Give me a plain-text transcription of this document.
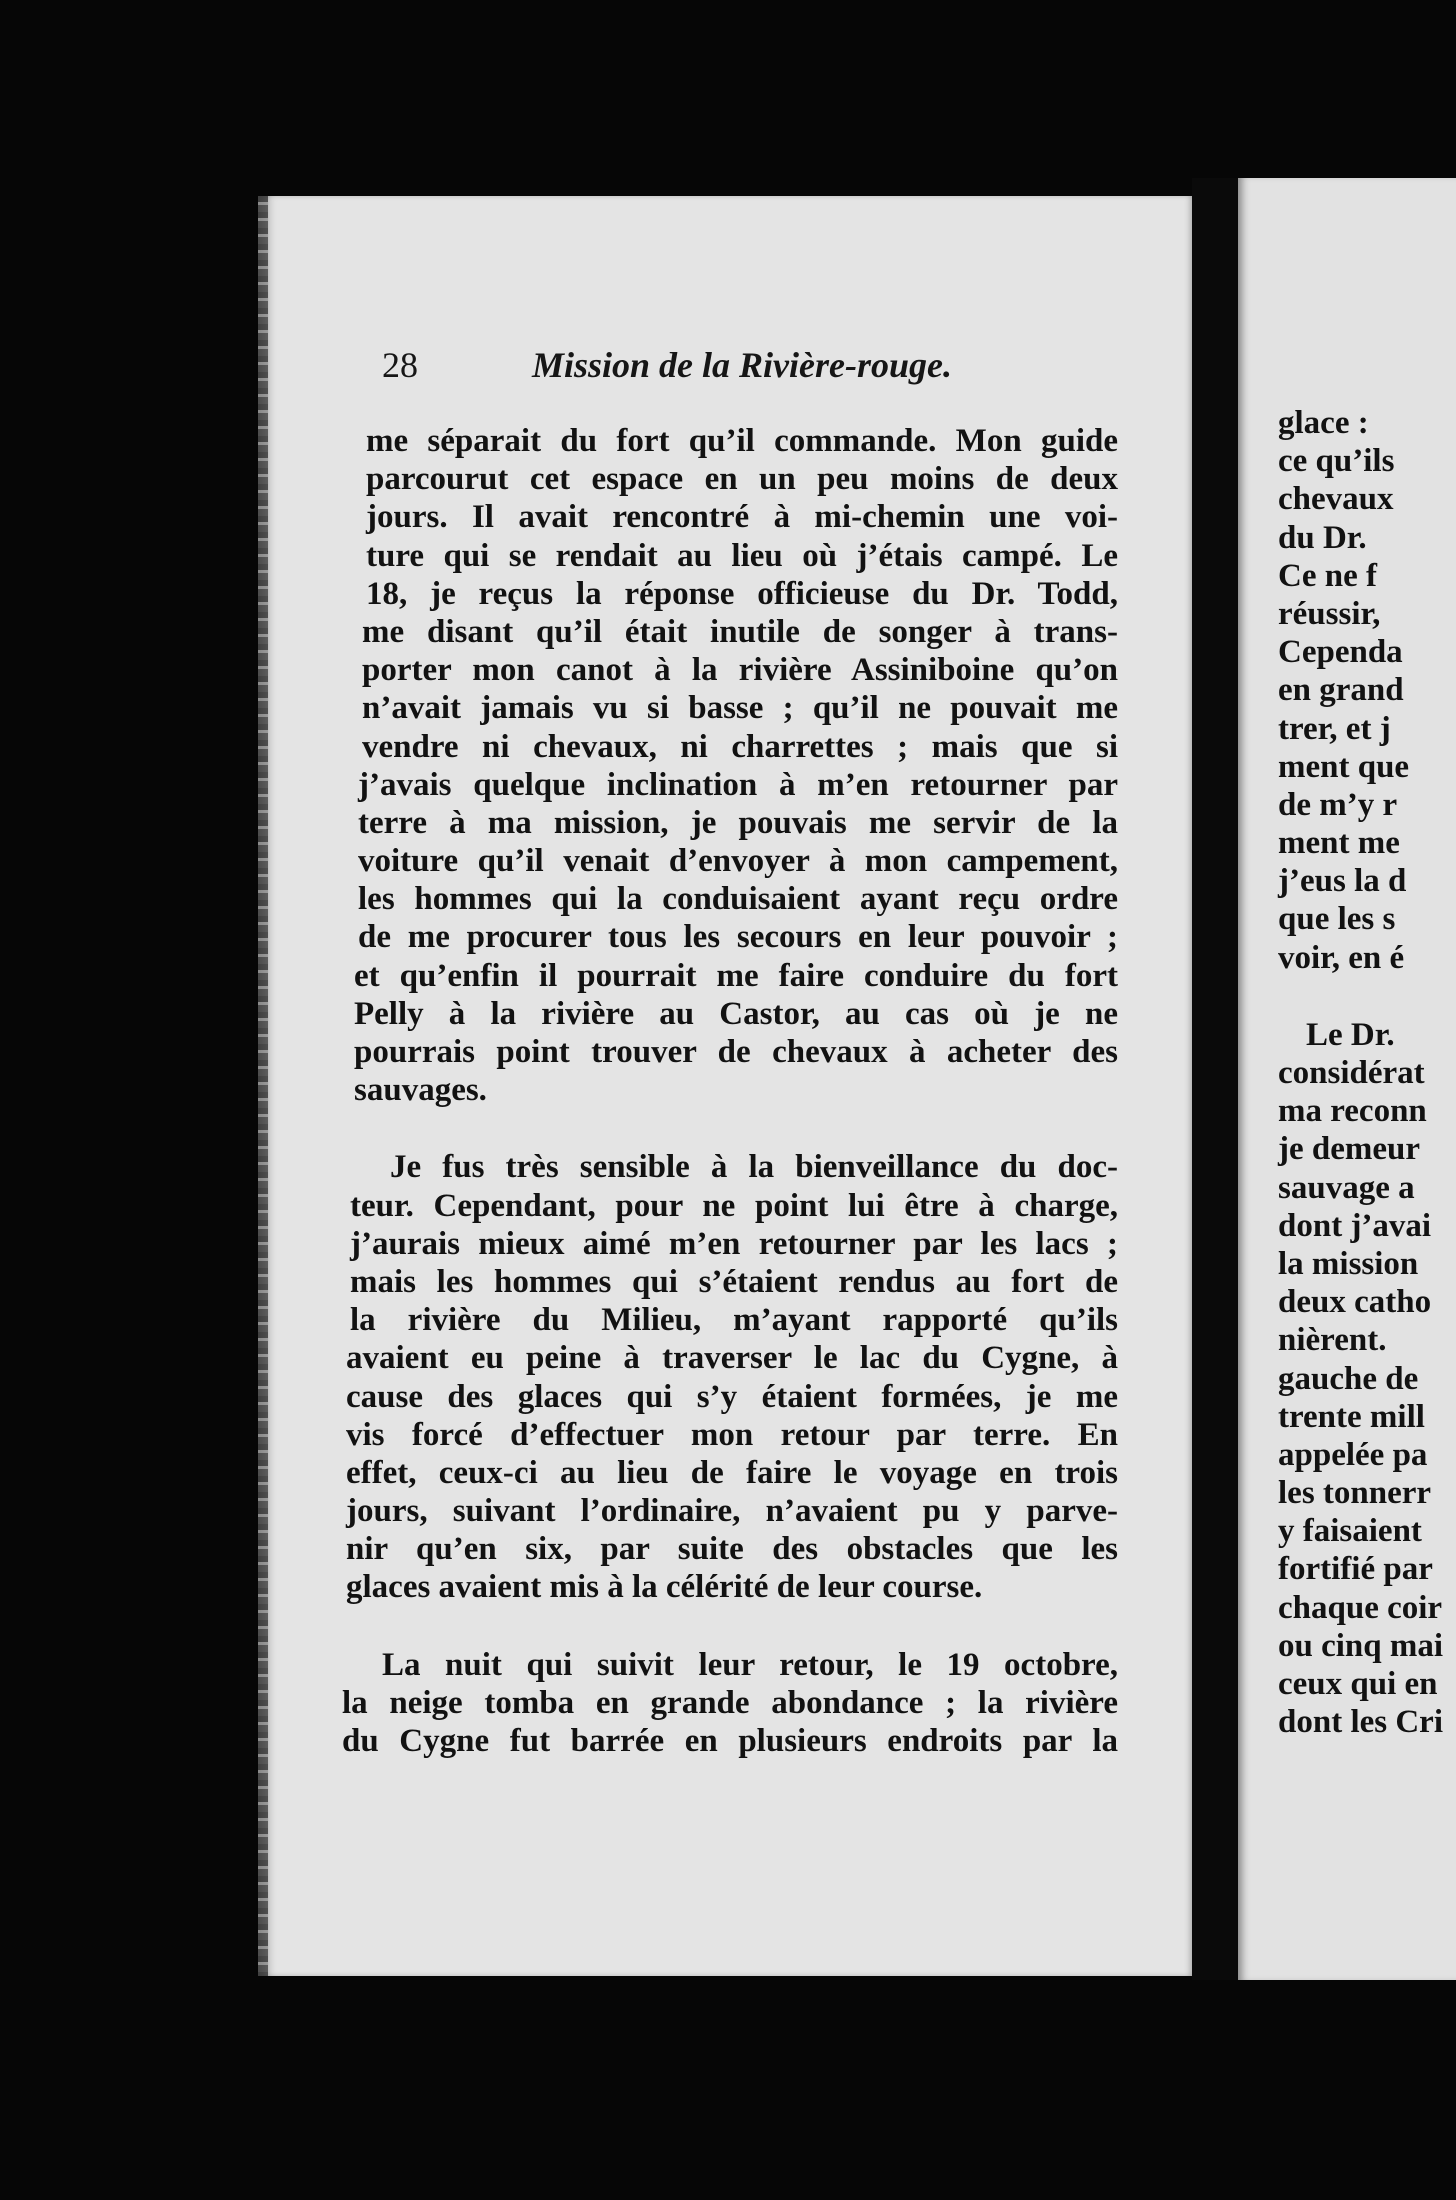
28	Mission de la Rivière-rouge.
me séparait du fort qu’il commande. Mon guide
parcourut cet espace en un peu moins de deux
jours. Il avait rencontré à mi-chemin une voi-
ture qui se rendait au lieu où j’étais campé. Le
18, je reçus la réponse officieuse du Dr. Todd,
me disant qu’il était inutile de songer à trans-
porter mon canot à la rivière Assiniboine qu’on
n’avait jamais vu si basse ; qu’il ne pouvait me
vendre ni chevaux, ni charrettes ; mais que si
j’avais quelque inclination à m’en retourner par
terre à ma mission, je pouvais me servir de la
voiture qu’il venait d’envoyer à mon campement,
les hommes qui la conduisaient ayant reçu ordre
de me procurer tous les secours en leur pouvoir ;
et qu’enfin il pourrait me faire conduire du fort
Pelly à la rivière au Castor, au cas où je ne
pourrais point trouver de chevaux à acheter des
sauvages.
Je fus très sensible à la bienveillance du doc-
teur. Cependant, pour ne point lui être à charge,
j’aurais mieux aimé m’en retourner par les lacs ;
mais les hommes qui s’étaient rendus au fort de
la rivière du Milieu, m’ayant rapporté qu’ils
avaient eu peine à traverser le lac du Cygne, à
cause des glaces qui s’y étaient formées, je me
vis forcé d’effectuer mon retour par terre. En
effet, ceux-ci au lieu de faire le voyage en trois
jours, suivant l’ordinaire, n’avaient pu y parve-
nir qu’en six, par suite des obstacles que les
glaces avaient mis à la célérité de leur course.
La nuit qui suivit leur retour, le 19 octobre,
la neige tomba en grande abondance ; la rivière
du Cygne fut barrée en plusieurs endroits par la
glace :
ce qu’ils
chevaux
du Dr.
Ce ne f
réussir,
Cependa
en grand
trer, et j
ment que
de m’y r
ment me
j’eus la d
que les s
voir, en é
Le Dr.
considérat
ma reconn
je demeur
sauvage a
dont j’avai
la mission
deux catho
nièrent.
gauche de
trente mill
appelée pa
les tonnerr
y faisaient
fortifié par
chaque coir
ou cinq mai
ceux qui en
dont les Cri
